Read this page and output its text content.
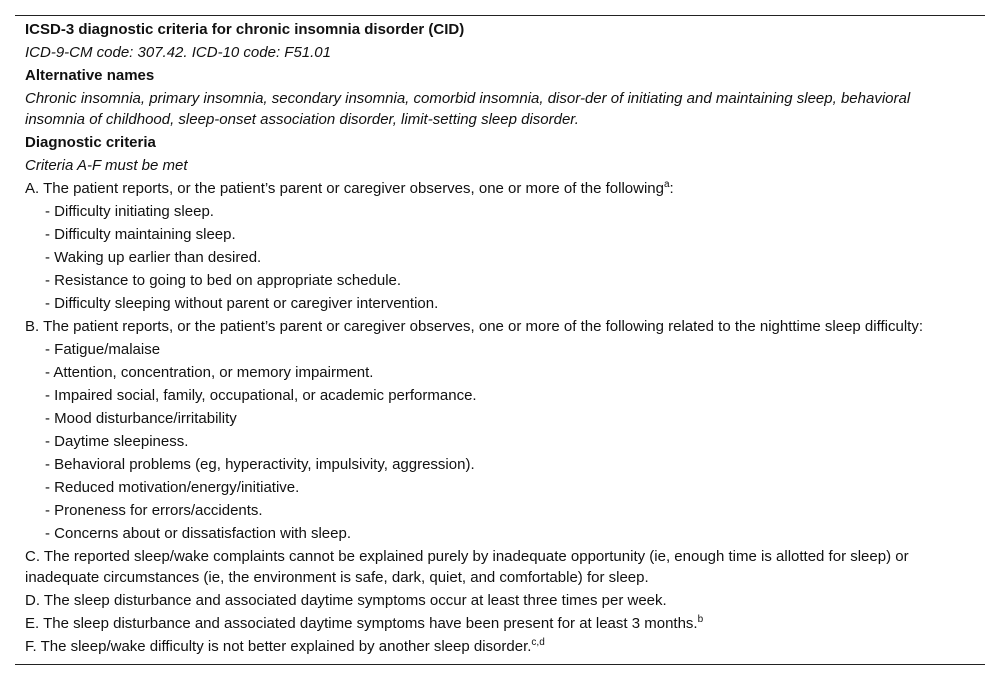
ICSD-3 diagnostic criteria for chronic insomnia disorder (CID)
ICD-9-CM code: 307.42. ICD-10 code: F51.01
Alternative names
Chronic insomnia, primary insomnia, secondary insomnia, comorbid insomnia, disor-der of initiating and maintaining sleep, behavioral insomnia of childhood, sleep-onset association disorder, limit-setting sleep disorder.
Diagnostic criteria
Criteria A-F must be met
A. The patient reports, or the patient’s parent or caregiver observes, one or more of the following$^a$:
- Difficulty initiating sleep.
- Difficulty maintaining sleep.
- Waking up earlier than desired.
- Resistance to going to bed on appropriate schedule.
- Difficulty sleeping without parent or caregiver intervention.
B. The patient reports, or the patient’s parent or caregiver observes, one or more of the following related to the nighttime sleep difficulty:
- Fatigue/malaise
- Attention, concentration, or memory impairment.
- Impaired social, family, occupational, or academic performance.
- Mood disturbance/irritability
- Daytime sleepiness.
- Behavioral problems (eg, hyperactivity, impulsivity, aggression).
- Reduced motivation/energy/initiative.
- Proneness for errors/accidents.
- Concerns about or dissatisfaction with sleep.
C. The reported sleep/wake complaints cannot be explained purely by inadequate opportunity (ie, enough time is allotted for sleep) or inadequate circumstances (ie, the environment is safe, dark, quiet, and comfortable) for sleep.
D. The sleep disturbance and associated daytime symptoms occur at least three times per week.
E. The sleep disturbance and associated daytime symptoms have been present for at least 3 months.$^b$
F. The sleep/wake difficulty is not better explained by another sleep disorder.$^{c,d}$
